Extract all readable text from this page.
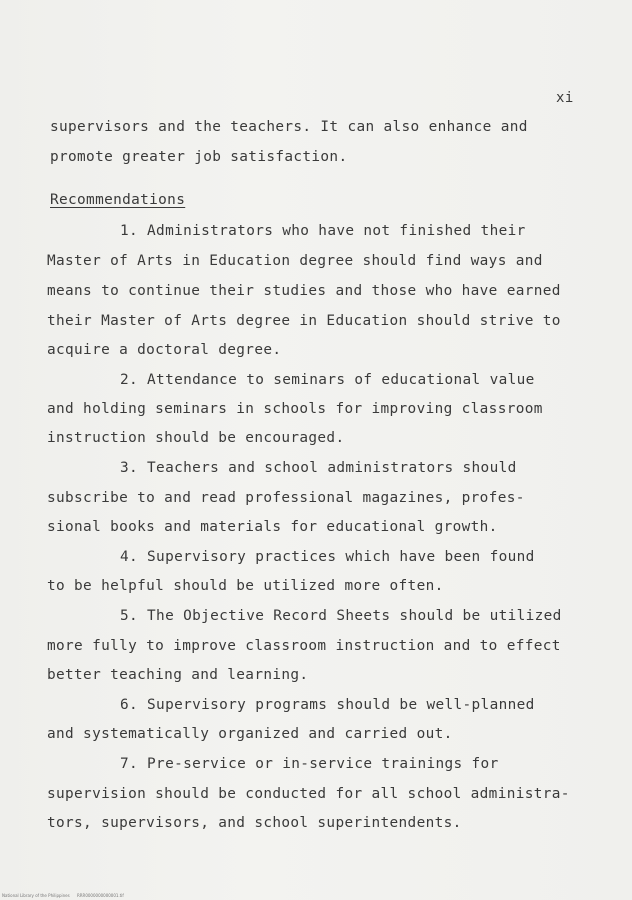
xi
supervisors and the teachers. It can also enhance and
promote greater job satisfaction.
Recommendations
1. Administrators who have not finished their
Master of Arts in Education degree should find ways and
means to continue their studies and those who have earned
their Master of Arts degree in Education should strive to
acquire a doctoral degree.
2. Attendance to seminars of educational value
and holding seminars in schools for improving classroom
instruction should be encouraged.
3. Teachers and school administrators should
subscribe to and read professional magazines, profes-
sional books and materials for educational growth.
4. Supervisory practices which have been found
to be helpful should be utilized more often.
5. The Objective Record Sheets should be utilized
more fully to improve classroom instruction and to effect
better teaching and learning.
6. Supervisory programs should be well-planned
and systematically organized and carried out.
7. Pre-service or in-service trainings for
supervision should be conducted for all school administra-
tors, supervisors, and school superintendents.
National Library of the Philippines RRR0000000000001.tif
